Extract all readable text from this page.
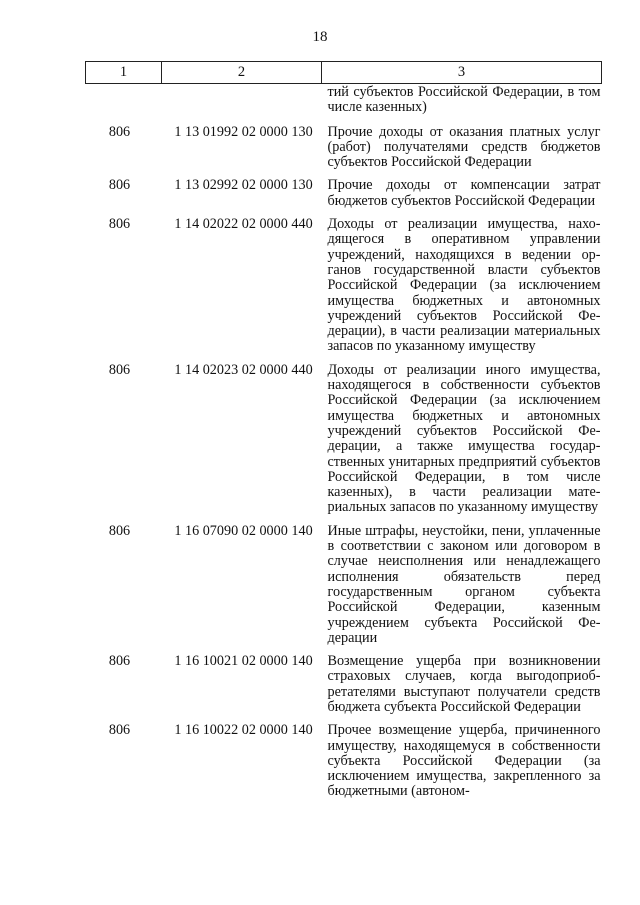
18
1	2	3
		тий субъектов Российской Федерации, в том числе казенных)
806	1 13 01992 02 0000 130	Прочие доходы от оказания платных услуг (работ) получателями средств бюджетов субъектов Российской Федерации
806	1 13 02992 02 0000 130	Прочие доходы от компенсации затрат бюджетов субъектов Российской Федерации
806	1 14 02022 02 0000 440	Доходы от реализации имущества, находящегося в оперативном управлении учреждений, находящихся в ведении органов государственной власти субъектов Российской Федерации (за исключением имущества бюджетных и автономных учреждений субъектов Российской Федерации), в части реализации материальных запасов по указанному имуществу
806	1 14 02023 02 0000 440	Доходы от реализации иного имущества, находящегося в собственности субъектов Российской Федерации (за исключением имущества бюджетных и автономных учреждений субъектов Российской Федерации, а также имущества государственных унитарных предприятий субъектов Российской Федерации, в том числе казенных), в части реализации материальных запасов по указанному имуществу
806	1 16 07090 02 0000 140	Иные штрафы, неустойки, пени, уплаченные в соответствии с законом или договором в случае неисполнения или ненадлежащего исполнения обязательств перед государственным органом субъекта Российской Федерации, казенным учреждением субъекта Российской Федерации
806	1 16 10021 02 0000 140	Возмещение ущерба при возникновении страховых случаев, когда выгодоприобретателями выступают получатели средств бюджета субъекта Российской Федерации
806	1 16 10022 02 0000 140	Прочее возмещение ущерба, причиненного имуществу, находящемуся в собственности субъекта Российской Федерации (за исключением имущества, закрепленного за бюджетными (автоном-
